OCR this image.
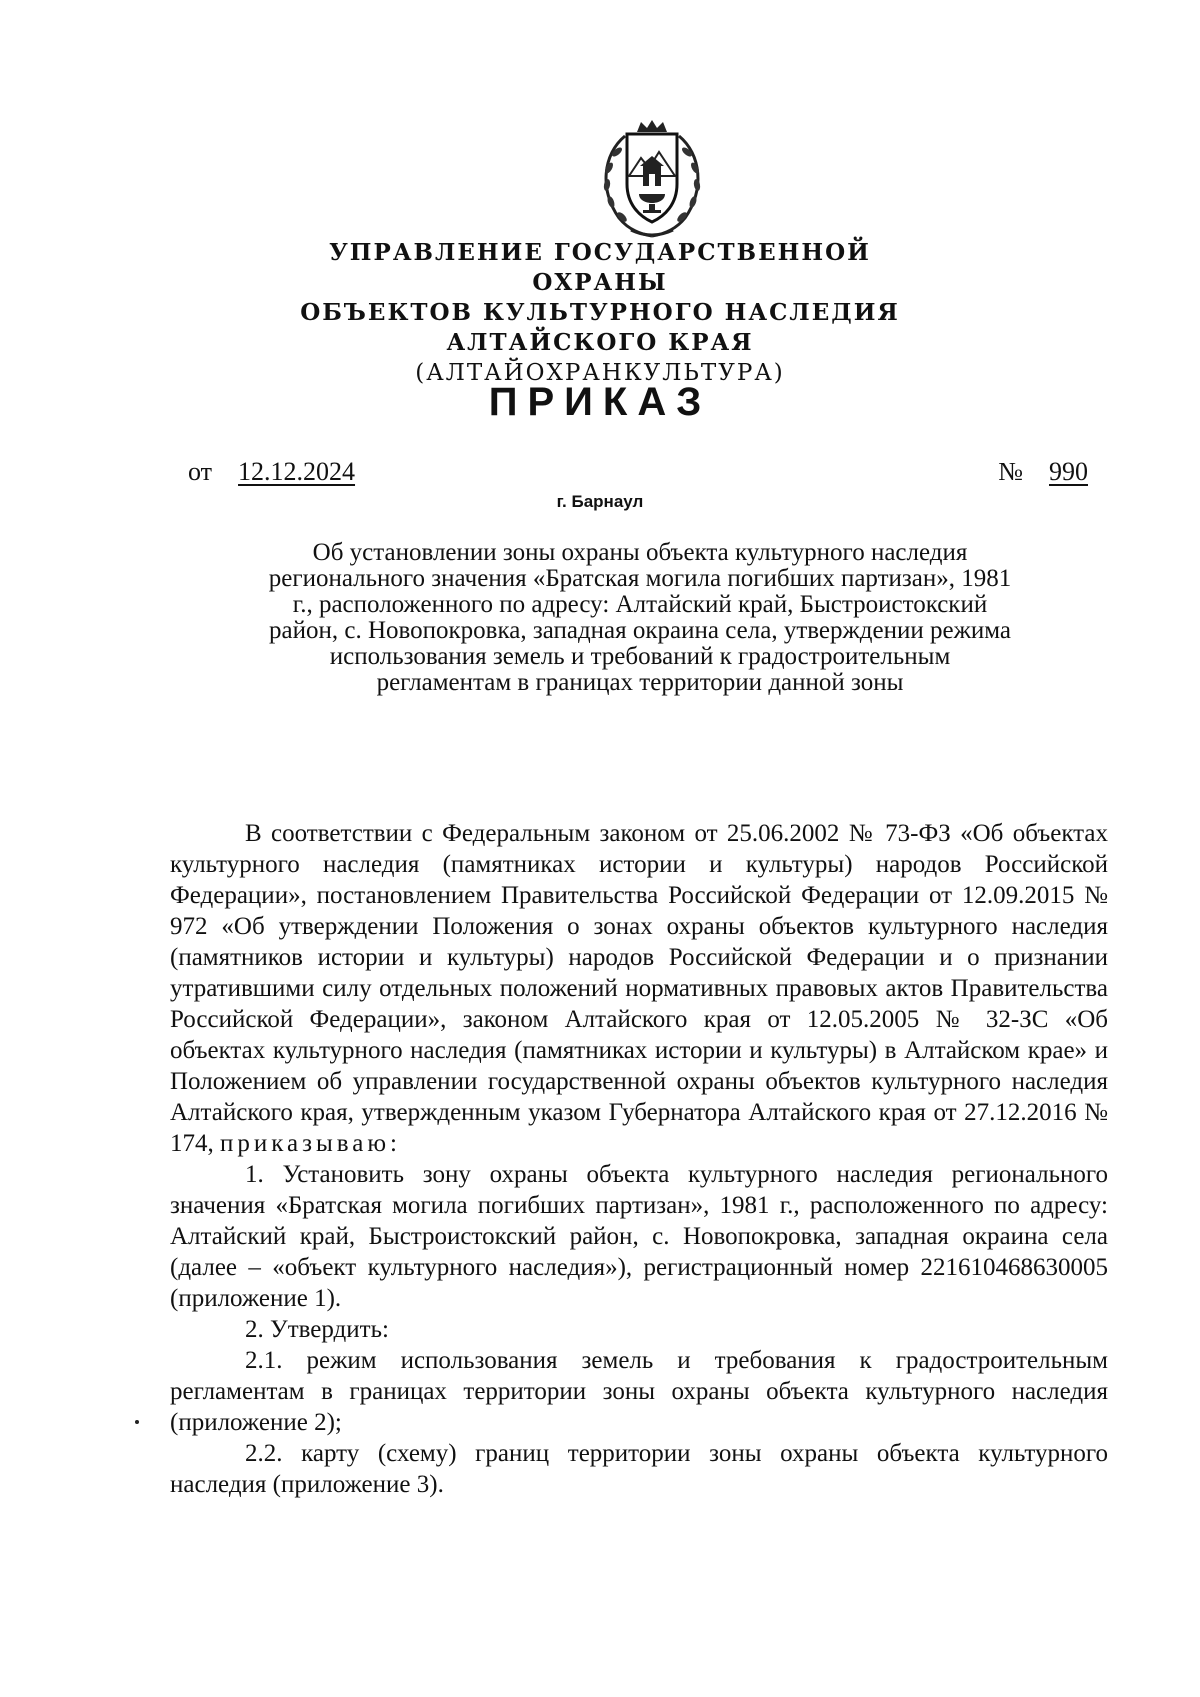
УПРАВЛЕНИЕ ГОСУДАРСТВЕННОЙ ОХРАНЫ
ОБЪЕКТОВ КУЛЬТУРНОГО НАСЛЕДИЯ
АЛТАЙСКОГО КРАЯ
(АЛТАЙОХРАНКУЛЬТУРА)
ПРИКАЗ
от 12.12.2024	№ 990
г. Барнаул
Об установлении зоны охраны объекта культурного наследия регионального значения «Братская могила погибших партизан», 1981 г., расположенного по адресу: Алтайский край, Быстроистокский район, с. Новопокровка, западная окраина села, утверждении режима использования земель и требований к градостроительным регламентам в границах территории данной зоны

В соответствии с Федеральным законом от 25.06.2002 № 73-ФЗ «Об объектах культурного наследия (памятниках истории и культуры) народов Российской Федерации», постановлением Правительства Российской Федерации от 12.09.2015 № 972 «Об утверждении Положения о зонах охраны объектов культурного наследия (памятников истории и культуры) народов Российской Федерации и о признании утратившими силу отдельных положений нормативных правовых актов Правительства Российской Федерации», законом Алтайского края от 12.05.2005 № 32-ЗС «Об объектах культурного наследия (памятниках истории и культуры) в Алтайском крае» и Положением об управлении государственной охраны объектов культурного наследия Алтайского края, утвержденным указом Губернатора Алтайского края от 27.12.2016 № 174, приказываю:

1. Установить зону охраны объекта культурного наследия регионального значения «Братская могила погибших партизан», 1981 г., расположенного по адресу: Алтайский край, Быстроистокский район, с. Новопокровка, западная окраина села (далее – «объект культурного наследия»), регистрационный номер 221610468630005 (приложение 1).

2. Утвердить:

2.1. режим использования земель и требования к градостроительным регламентам в границах территории зоны охраны объекта культурного наследия (приложение 2);

2.2. карту (схему) границ территории зоны охраны объекта культурного наследия (приложение 3).
